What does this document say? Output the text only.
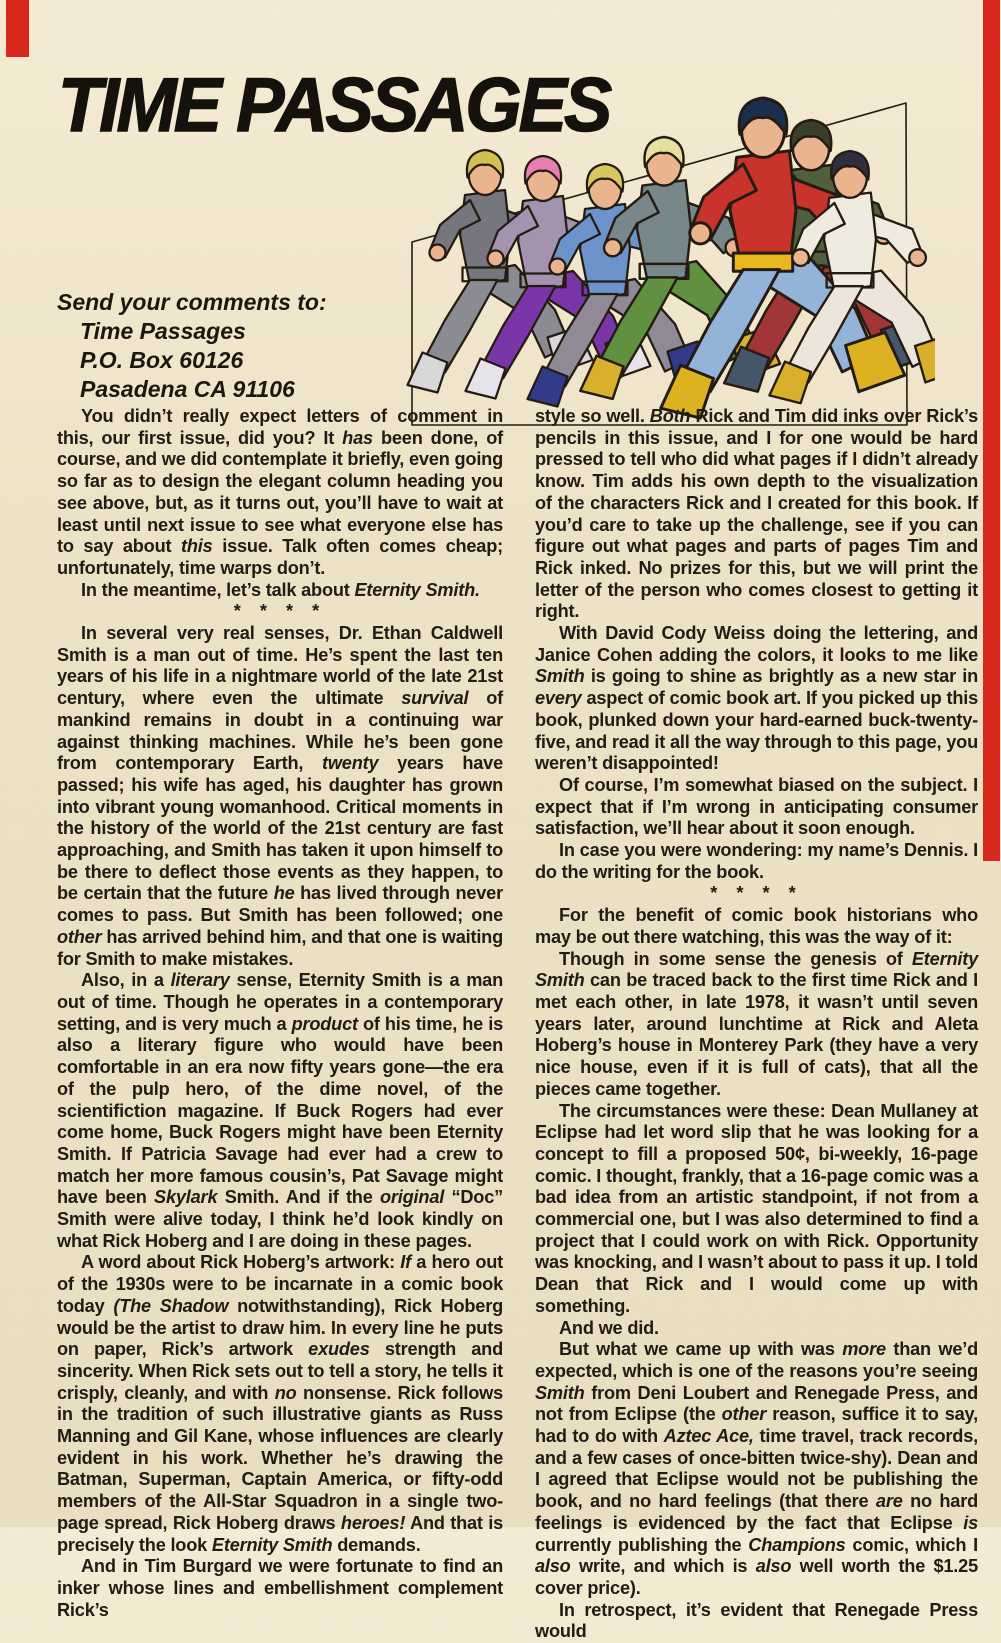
TIME PASSAGES
Send your comments to:
Time Passages
P.O. Box 60126
Pasadena CA 91106

You didn’t really expect letters of comment in this, our first issue, did you? It has been done, of course, and we did contemplate it briefly, even going so far as to design the elegant column heading you see above, but, as it turns out, you’ll have to wait at least until next issue to see what everyone else has to say about this issue. Talk often comes cheap; unfortunately, time warps don’t.

In the meantime, let’s talk about Eternity Smith.

* * * *

In several very real senses, Dr. Ethan Caldwell Smith is a man out of time. He’s spent the last ten years of his life in a nightmare world of the late 21st century, where even the ultimate survival of mankind remains in doubt in a continuing war against thinking machines. While he’s been gone from contemporary Earth, twenty years have passed; his wife has aged, his daughter has grown into vibrant young womanhood. Critical moments in the history of the world of the 21st century are fast approaching, and Smith has taken it upon himself to be there to deflect those events as they happen, to be certain that the future he has lived through never comes to pass. But Smith has been followed; one other has arrived behind him, and that one is waiting for Smith to make mistakes.

Also, in a literary sense, Eternity Smith is a man out of time. Though he operates in a contemporary setting, and is very much a product of his time, he is also a literary figure who would have been comfortable in an era now fifty years gone—the era of the pulp hero, of the dime novel, of the scientifiction magazine. If Buck Rogers had ever come home, Buck Rogers might have been Eternity Smith. If Patricia Savage had ever had a crew to match her more famous cousin’s, Pat Savage might have been Skylark Smith. And if the original “Doc” Smith were alive today, I think he’d look kindly on what Rick Hoberg and I are doing in these pages.

A word about Rick Hoberg’s artwork: If a hero out of the 1930s were to be incarnate in a comic book today (The Shadow notwithstanding), Rick Hoberg would be the artist to draw him. In every line he puts on paper, Rick’s artwork exudes strength and sincerity. When Rick sets out to tell a story, he tells it crisply, cleanly, and with no nonsense. Rick follows in the tradition of such illustrative giants as Russ Manning and Gil Kane, whose influences are clearly evident in his work. Whether he’s drawing the Batman, Superman, Captain America, or fifty-odd members of the All-Star Squadron in a single two-page spread, Rick Hoberg draws heroes! And that is precisely the look Eternity Smith demands.

And in Tim Burgard we were fortunate to find an inker whose lines and embellishment complement Rick’s

style so well. Both Rick and Tim did inks over Rick’s pencils in this issue, and I for one would be hard pressed to tell who did what pages if I didn’t already know. Tim adds his own depth to the visualization of the characters Rick and I created for this book. If you’d care to take up the challenge, see if you can figure out what pages and parts of pages Tim and Rick inked. No prizes for this, but we will print the letter of the person who comes closest to getting it right.

With David Cody Weiss doing the lettering, and Janice Cohen adding the colors, it looks to me like Smith is going to shine as brightly as a new star in every aspect of comic book art. If you picked up this book, plunked down your hard-earned buck-twenty-five, and read it all the way through to this page, you weren’t disappointed!

Of course, I’m somewhat biased on the subject. I expect that if I’m wrong in anticipating consumer satisfaction, we’ll hear about it soon enough.

In case you were wondering: my name’s Dennis. I do the writing for the book.

* * * *

For the benefit of comic book historians who may be out there watching, this was the way of it:

Though in some sense the genesis of Eternity Smith can be traced back to the first time Rick and I met each other, in late 1978, it wasn’t until seven years later, around lunchtime at Rick and Aleta Hoberg’s house in Monterey Park (they have a very nice house, even if it is full of cats), that all the pieces came together.

The circumstances were these: Dean Mullaney at Eclipse had let word slip that he was looking for a concept to fill a proposed 50¢, bi-weekly, 16-page comic. I thought, frankly, that a 16-page comic was a bad idea from an artistic standpoint, if not from a commercial one, but I was also determined to find a project that I could work on with Rick. Opportunity was knocking, and I wasn’t about to pass it up. I told Dean that Rick and I would come up with something.

And we did.

But what we came up with was more than we’d expected, which is one of the reasons you’re seeing Smith from Deni Loubert and Renegade Press, and not from Eclipse (the other reason, suffice it to say, had to do with Aztec Ace, time travel, track records, and a few cases of once-bitten twice-shy). Dean and I agreed that Eclipse would not be publishing the book, and no hard feelings (that there are no hard feelings is evidenced by the fact that Eclipse is currently publishing the Champions comic, which I also write, and which is also well worth the $1.25 cover price).

In retrospect, it’s evident that Renegade Press would
